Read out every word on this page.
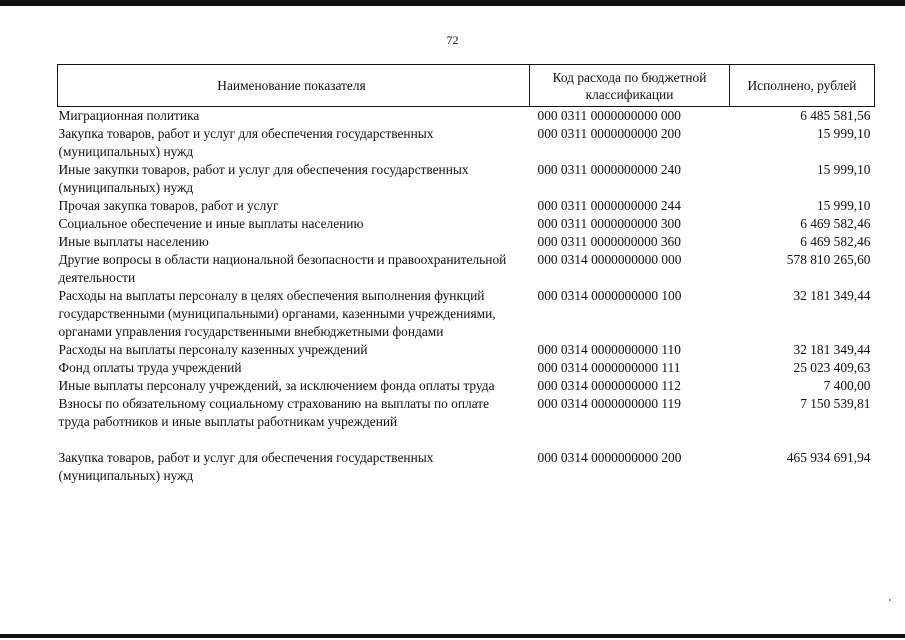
72
Наименование показателя	Код расхода по бюджетной классификации	Исполнено, рублей
Миграционная политика	000 0311 0000000000 000	6 485 581,56
Закупка товаров, работ и услуг для обеспечения государственных (муниципальных) нужд	000 0311 0000000000 200	15 999,10
Иные закупки товаров, работ и услуг для обеспечения государственных (муниципальных) нужд	000 0311 0000000000 240	15 999,10
Прочая закупка товаров, работ и услуг	000 0311 0000000000 244	15 999,10
Социальное обеспечение и иные выплаты населению	000 0311 0000000000 300	6 469 582,46
Иные выплаты населению	000 0311 0000000000 360	6 469 582,46
Другие вопросы в области национальной безопасности и правоохранительной деятельности	000 0314 0000000000 000	578 810 265,60
Расходы на выплаты персоналу в целях обеспечения выполнения функций государственными (муниципальными) органами, казенными учреждениями, органами управления государственными внебюджетными фондами	000 0314 0000000000 100	32 181 349,44
Расходы на выплаты персоналу казенных учреждений	000 0314 0000000000 110	32 181 349,44
Фонд оплаты труда учреждений	000 0314 0000000000 111	25 023 409,63
Иные выплаты персоналу учреждений, за исключением фонда оплаты труда	000 0314 0000000000 112	7 400,00
Взносы по обязательному социальному страхованию на выплаты по оплате труда работников и иные выплаты работникам учреждений	000 0314 0000000000 119	7 150 539,81
Закупка товаров, работ и услуг для обеспечения государственных (муниципальных) нужд	000 0314 0000000000 200	465 934 691,94
